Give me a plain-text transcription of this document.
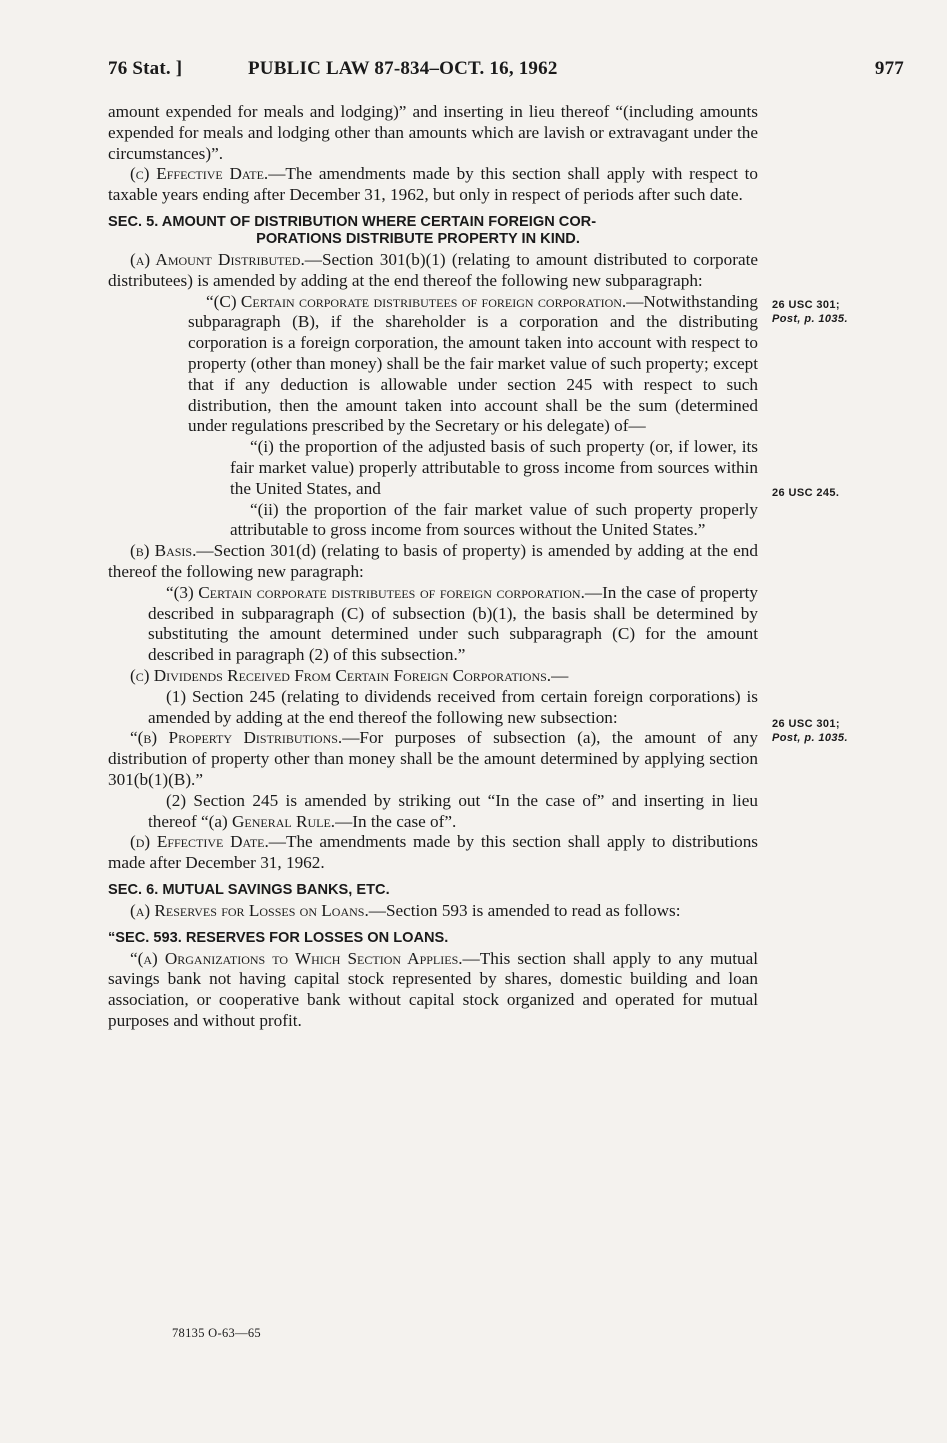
76 Stat. ]	PUBLIC LAW 87-834–OCT. 16, 1962	977

amount expended for meals and lodging)” and inserting in lieu thereof “(including amounts expended for meals and lodging other than amounts which are lavish or extravagant under the circumstances)”.

(c) Effective Date.—The amendments made by this section shall apply with respect to taxable years ending after December 31, 1962, but only in respect of periods after such date.

SEC. 5. AMOUNT OF DISTRIBUTION WHERE CERTAIN FOREIGN COR-

PORATIONS DISTRIBUTE PROPERTY IN KIND.

(a) Amount Distributed.—Section 301(b)(1) (relating to amount distributed to corporate distributees) is amended by adding at the end thereof the following new subparagraph:

“(C) Certain corporate distributees of foreign corporation.—Notwithstanding subparagraph (B), if the shareholder is a corporation and the distributing corporation is a foreign corporation, the amount taken into account with respect to property (other than money) shall be the fair market value of such property; except that if any deduction is allowable under section 245 with respect to such distribution, then the amount taken into account shall be the sum (determined under regulations prescribed by the Secretary or his delegate) of—

“(i) the proportion of the adjusted basis of such property (or, if lower, its fair market value) properly attributable to gross income from sources within the United States, and

“(ii) the proportion of the fair market value of such property properly attributable to gross income from sources without the United States.”

(b) Basis.—Section 301(d) (relating to basis of property) is amended by adding at the end thereof the following new paragraph:

“(3) Certain corporate distributees of foreign corporation.—In the case of property described in subparagraph (C) of subsection (b)(1), the basis shall be determined by substituting the amount determined under such subparagraph (C) for the amount described in paragraph (2) of this subsection.”

(c) Dividends Received From Certain Foreign Corporations.—

(1) Section 245 (relating to dividends received from certain foreign corporations) is amended by adding at the end thereof the following new subsection:

“(b) Property Distributions.—For purposes of subsection (a), the amount of any distribution of property other than money shall be the amount determined by applying section 301(b(1)(B).”

(2) Section 245 is amended by striking out “In the case of” and inserting in lieu thereof “(a) General Rule.—In the case of”.

(d) Effective Date.—The amendments made by this section shall apply to distributions made after December 31, 1962.

SEC. 6. MUTUAL SAVINGS BANKS, ETC.

(a) Reserves for Losses on Loans.—Section 593 is amended to read as follows:

“SEC. 593. RESERVES FOR LOSSES ON LOANS.

“(a) Organizations to Which Section Applies.—This section shall apply to any mutual savings bank not having capital stock represented by shares, domestic building and loan association, or cooperative bank without capital stock organized and operated for mutual purposes and without profit.

26 USC 301;
Post, p. 1035.
26 USC 245.
26 USC 301;
Post, p. 1035.
78135 O-63—65
